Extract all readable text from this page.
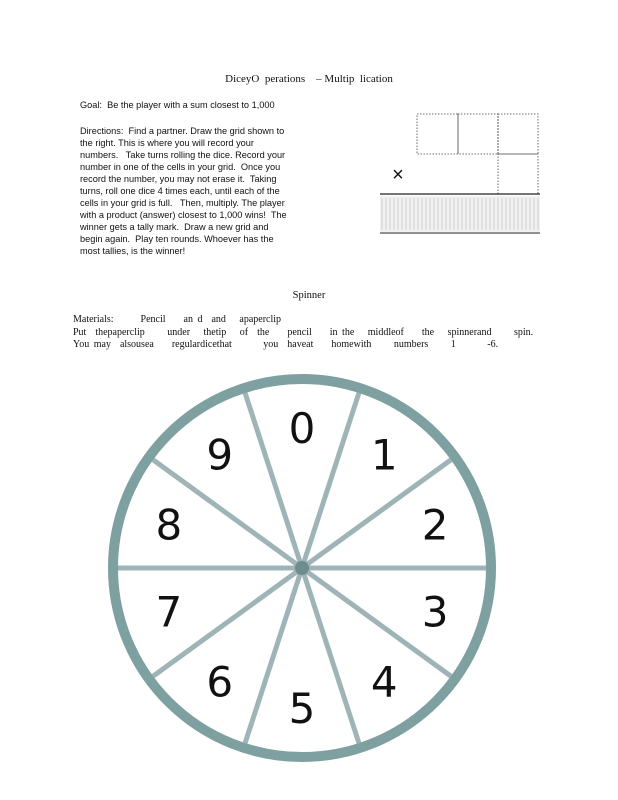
DiceyO  perations    – Multip  lication
Goal:  Be the player with a sum closest to 1,000
Directions:  Find a partner. Draw the grid shown to
the right. This is where you will record your
numbers.   Take turns rolling the dice. Record your
number in one of the cells in your grid.  Once you
record the number, you may not erase it.  Taking
turns, roll one dice 4 times each, until each of the
cells in your grid is full.   Then, multiply. The player
with a product (answer) closest to 1,000 wins!  The
winner gets a tally mark.  Draw a new grid and
begin again.  Play ten rounds. Whoever has the
most tallies, is the winner!
×
Spinner
Materials:      Pencil    an d  and   apaperclip
Put  thepaperclip     under   thetip   of  the    pencil    in the   middleof    the   spinnerand     spin.
You may  alsousea    regulardicethat       you  haveat    homewith     numbers     1       -6.
0
1
2
3
4
5
6
7
8
9
